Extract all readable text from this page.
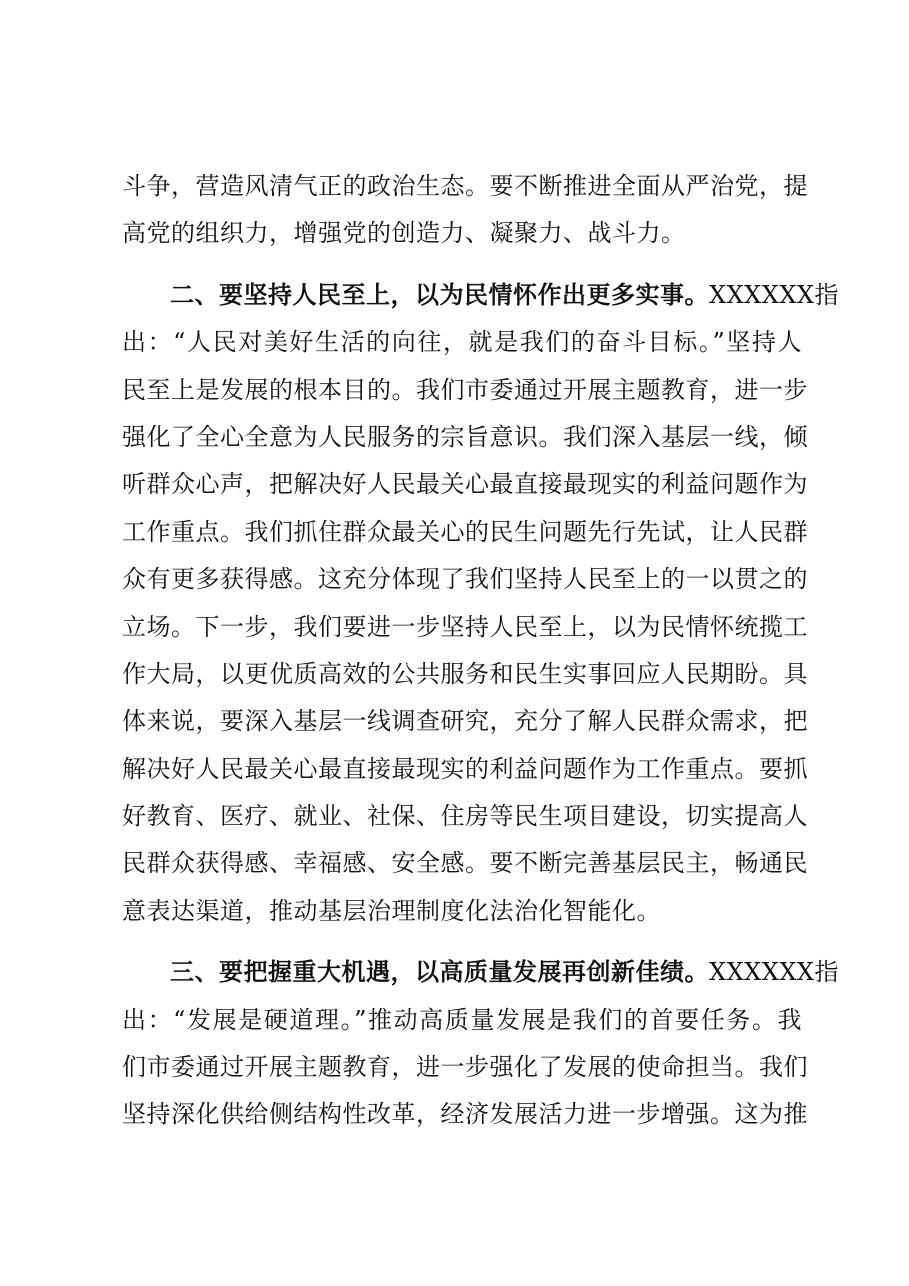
斗争，营造风清气正的政治生态。要不断推进全面从严治党，提
高党的组织力，增强党的创造力、凝聚力、战斗力。
二、要坚持人民至上，以为民情怀作出更多实事。XXXXXX指
出：“人民对美好生活的向往，就是我们的奋斗目标。”坚持人
民至上是发展的根本目的。我们市委通过开展主题教育，进一步
强化了全心全意为人民服务的宗旨意识。我们深入基层一线，倾
听群众心声，把解决好人民最关心最直接最现实的利益问题作为
工作重点。我们抓住群众最关心的民生问题先行先试，让人民群
众有更多获得感。这充分体现了我们坚持人民至上的一以贯之的
立场。下一步，我们要进一步坚持人民至上，以为民情怀统揽工
作大局，以更优质高效的公共服务和民生实事回应人民期盼。具
体来说，要深入基层一线调查研究，充分了解人民群众需求，把
解决好人民最关心最直接最现实的利益问题作为工作重点。要抓
好教育、医疗、就业、社保、住房等民生项目建设，切实提高人
民群众获得感、幸福感、安全感。要不断完善基层民主，畅通民
意表达渠道，推动基层治理制度化法治化智能化。
三、要把握重大机遇，以高质量发展再创新佳绩。XXXXXX指
出：“发展是硬道理。”推动高质量发展是我们的首要任务。我
们市委通过开展主题教育，进一步强化了发展的使命担当。我们
坚持深化供给侧结构性改革，经济发展活力进一步增强。这为推
